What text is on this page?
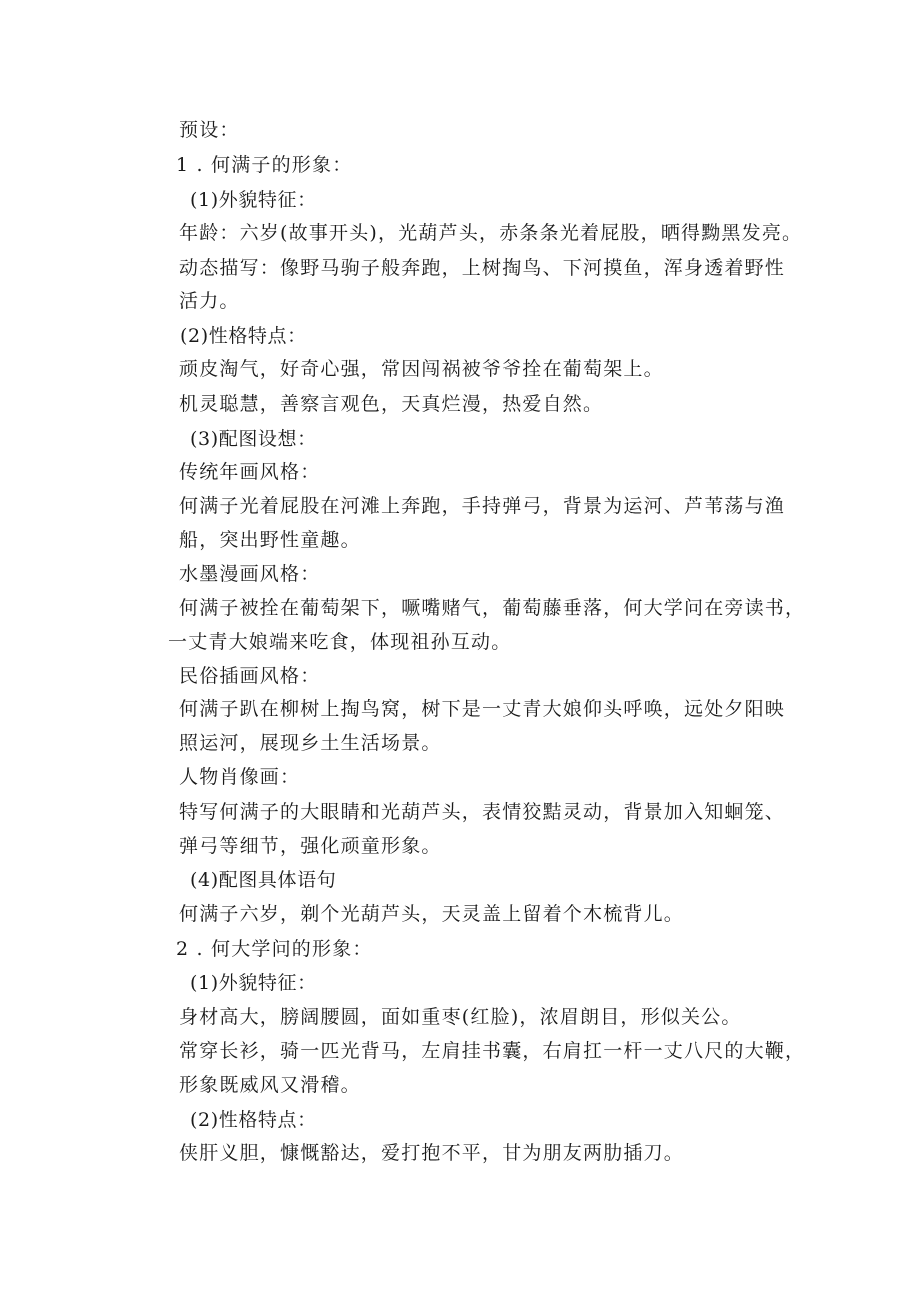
预设：
1 . 何满子的形象：
(1)外貌特征：
年龄：六岁(故事开头)，光葫芦头，赤条条光着屁股，晒得黝黑发亮。
动态描写：像野马驹子般奔跑，上树掏鸟、下河摸鱼，浑身透着野性
活力。
(2)性格特点：
顽皮淘气，好奇心强，常因闯祸被爷爷拴在葡萄架上。
机灵聪慧，善察言观色，天真烂漫，热爱自然。
(3)配图设想：
传统年画风格：
何满子光着屁股在河滩上奔跑，手持弹弓，背景为运河、芦苇荡与渔
船，突出野性童趣。
水墨漫画风格：
何满子被拴在葡萄架下，噘嘴赌气，葡萄藤垂落，何大学问在旁读书，
一丈青大娘端来吃食，体现祖孙互动。
民俗插画风格：
何满子趴在柳树上掏鸟窝，树下是一丈青大娘仰头呼唤，远处夕阳映
照运河，展现乡土生活场景。
人物肖像画：
特写何满子的大眼睛和光葫芦头，表情狡黠灵动，背景加入知蛔笼、
弹弓等细节，强化顽童形象。
(4)配图具体语句
何满子六岁，剃个光葫芦头，天灵盖上留着个木梳背儿。
2 . 何大学问的形象：
(1)外貌特征：
身材高大，膀阔腰圆，面如重枣(红脸)，浓眉朗目，形似关公。
常穿长衫，骑一匹光背马，左肩挂书囊，右肩扛一杆一丈八尺的大鞭，
形象既威风又滑稽。
(2)性格特点：
侠肝义胆，慷慨豁达，爱打抱不平，甘为朋友两肋插刀。
